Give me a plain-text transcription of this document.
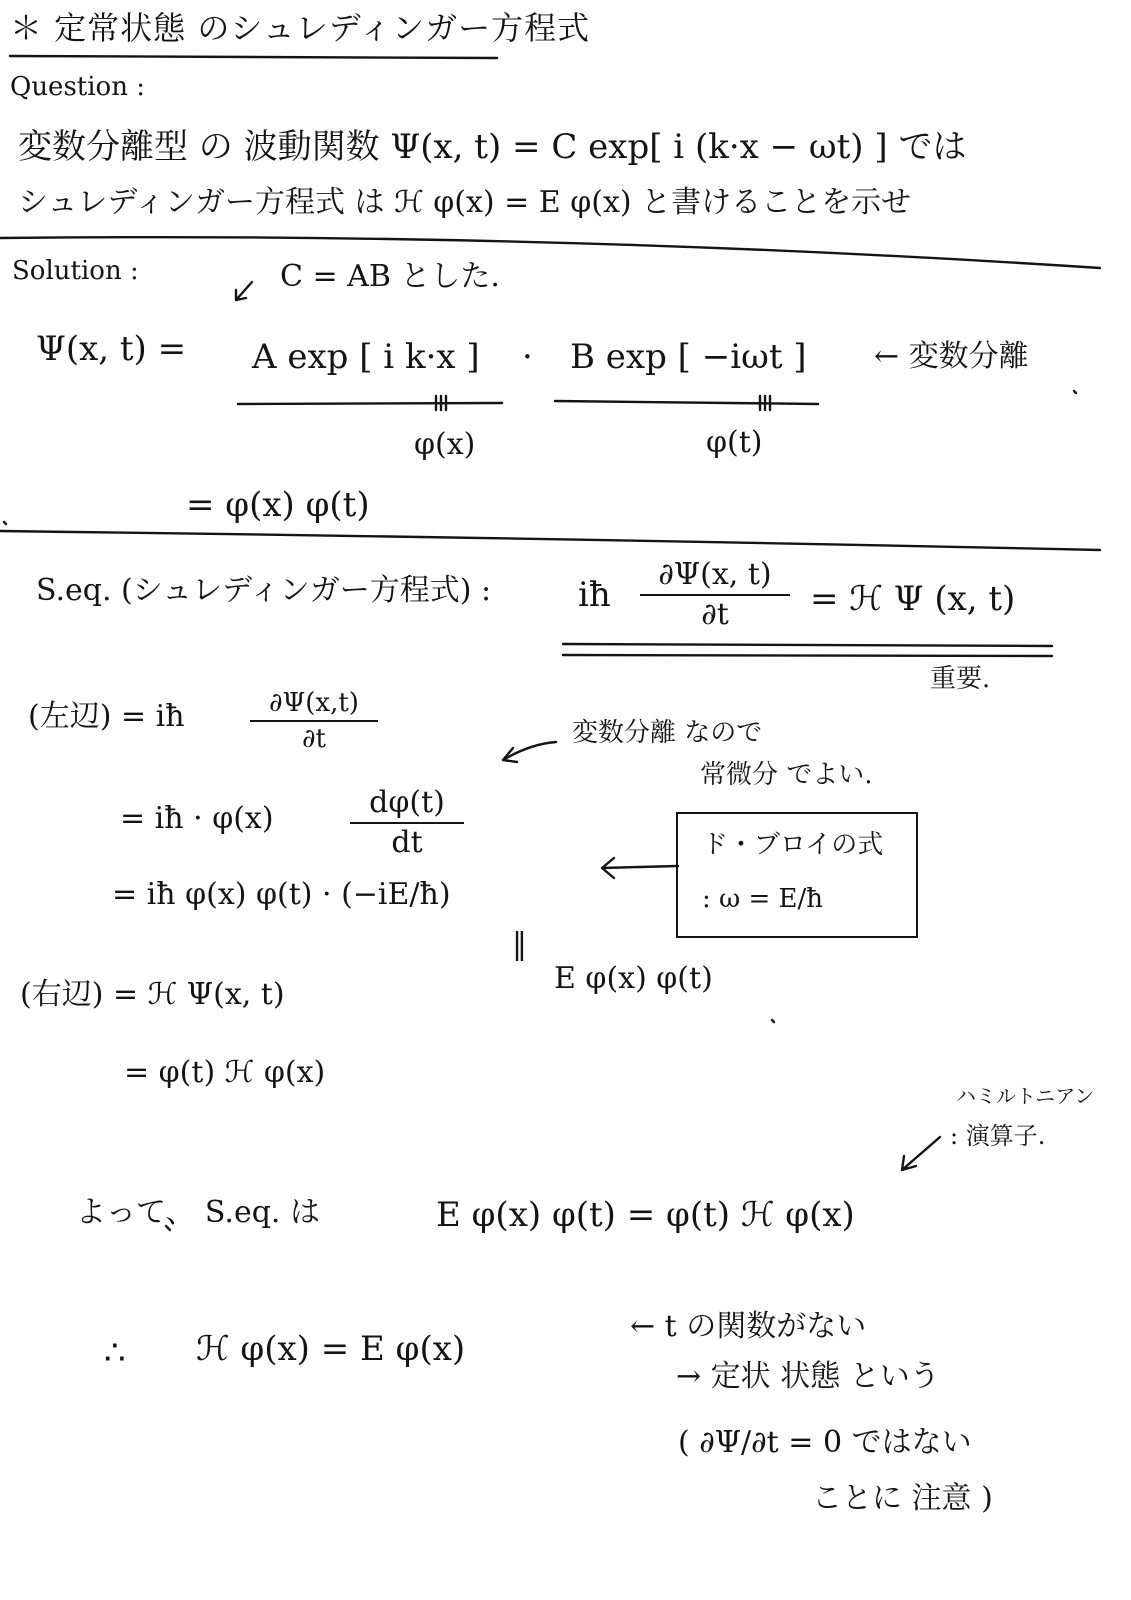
＊ 定常状態 のシュレディンガー方程式
Question :
変数分離型 の 波動関数 Ψ(x, t) = C exp[ i (k·x − ωt) ] では
シュレディンガー方程式 は ℋ φ(x) = E φ(x) と書けることを示せ
Solution :	C = AB とした.
Ψ(x, t) = A exp [ i k·x ] · B exp [ −iωt ] ← 変数分離
φ(x)	φ(t)
= φ(x) φ(t)
S.eq. (シュレディンガー方程式) :	iħ
∂Ψ(x, t)
∂t	= ℋ Ψ (x, t)
重要.
(左辺) = iħ	∂Ψ(x,t)
∂t	変数分離 なので
常微分 でよい.
= iħ · φ(x)	dφ(t)
dt
= iħ φ(x) φ(t) · (−iE/ħ)
‖
E φ(x) φ(t)
ド・ブロイの式
: ω = E/ħ
(右辺) = ℋ Ψ(x, t)
= φ(t) ℋ φ(x)
ハミルトニアン
: 演算子.
よって、 S.eq. は	E φ(x) φ(t) = φ(t) ℋ φ(x)
∴ ℋ φ(x) = E φ(x)
← t の関数がない
→ 定状 状態 という
( ∂Ψ/∂t = 0 ではない
ことに 注意 )
